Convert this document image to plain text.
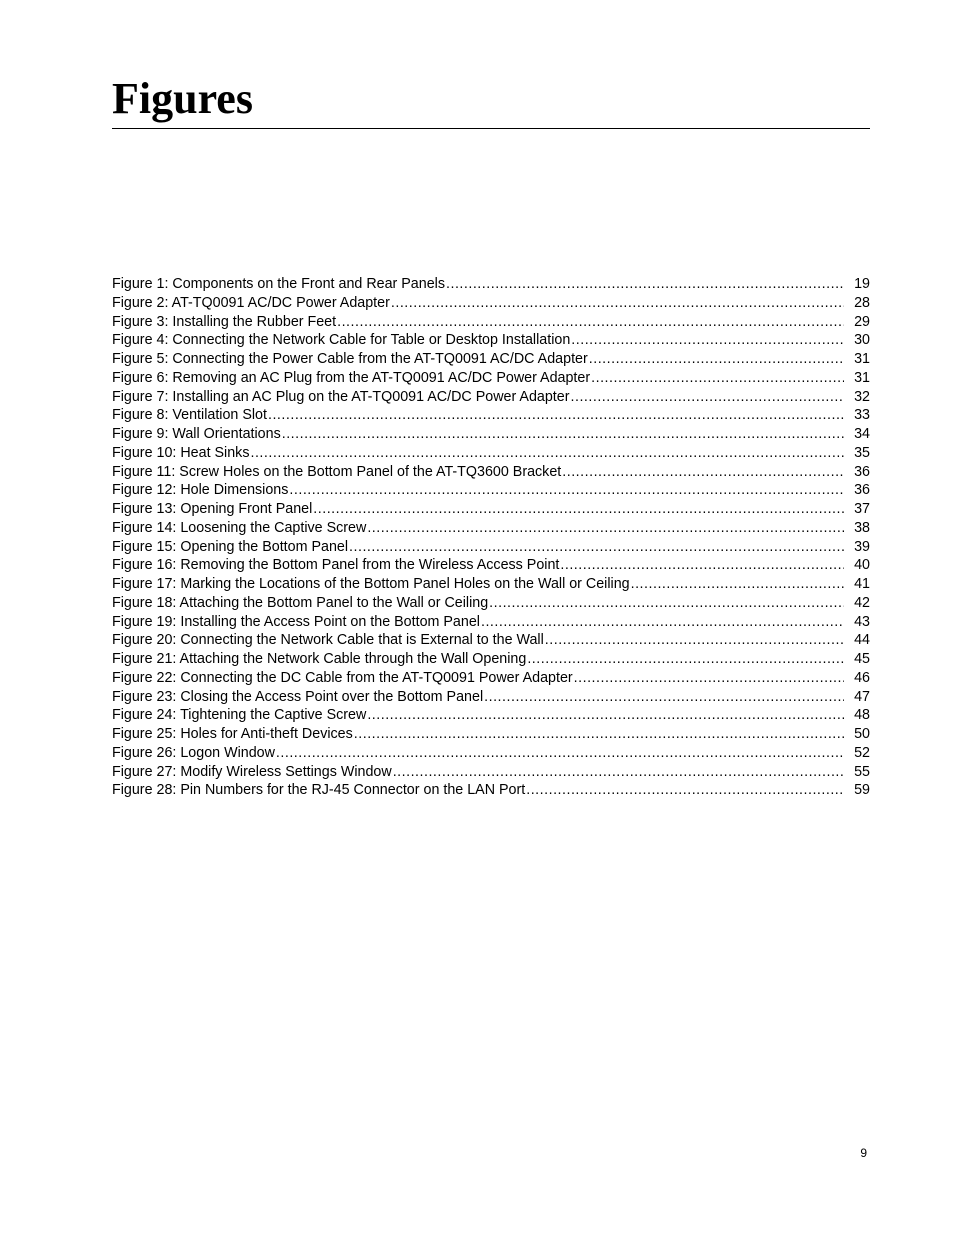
Figures
Figure 1: Components on the Front and Rear Panels .....	19
Figure 2: AT-TQ0091 AC/DC Power Adapter .....	28
Figure 3: Installing the Rubber Feet .....	29
Figure 4: Connecting the Network Cable for Table or Desktop Installation .....	30
Figure 5: Connecting the Power Cable from the AT-TQ0091 AC/DC Adapter .....	31
Figure 6: Removing an AC Plug from the AT-TQ0091 AC/DC Power Adapter .....	31
Figure 7: Installing an AC Plug on the AT-TQ0091 AC/DC Power Adapter .....	32
Figure 8: Ventilation Slot .....	33
Figure 9: Wall Orientations .....	34
Figure 10: Heat Sinks .....	35
Figure 11: Screw Holes on the Bottom Panel of the AT-TQ3600 Bracket .....	36
Figure 12: Hole Dimensions .....	36
Figure 13: Opening Front Panel .....	37
Figure 14: Loosening the Captive Screw .....	38
Figure 15: Opening the Bottom Panel .....	39
Figure 16: Removing the Bottom Panel from the Wireless Access Point .....	40
Figure 17: Marking the Locations of the Bottom Panel Holes on the Wall or Ceiling .....	41
Figure 18: Attaching the Bottom Panel to the Wall or Ceiling .....	42
Figure 19: Installing the Access Point on the Bottom Panel .....	43
Figure 20: Connecting the Network Cable that is External to the Wall .....	44
Figure 21: Attaching the Network Cable through the Wall Opening .....	45
Figure 22: Connecting the DC Cable from the AT-TQ0091 Power Adapter .....	46
Figure 23: Closing the Access Point over the Bottom Panel .....	47
Figure 24: Tightening the Captive Screw .....	48
Figure 25: Holes for Anti-theft Devices .....	50
Figure 26: Logon Window .....	52
Figure 27: Modify Wireless Settings Window .....	55
Figure 28: Pin Numbers for the RJ-45 Connector on the LAN Port .....	59
9
